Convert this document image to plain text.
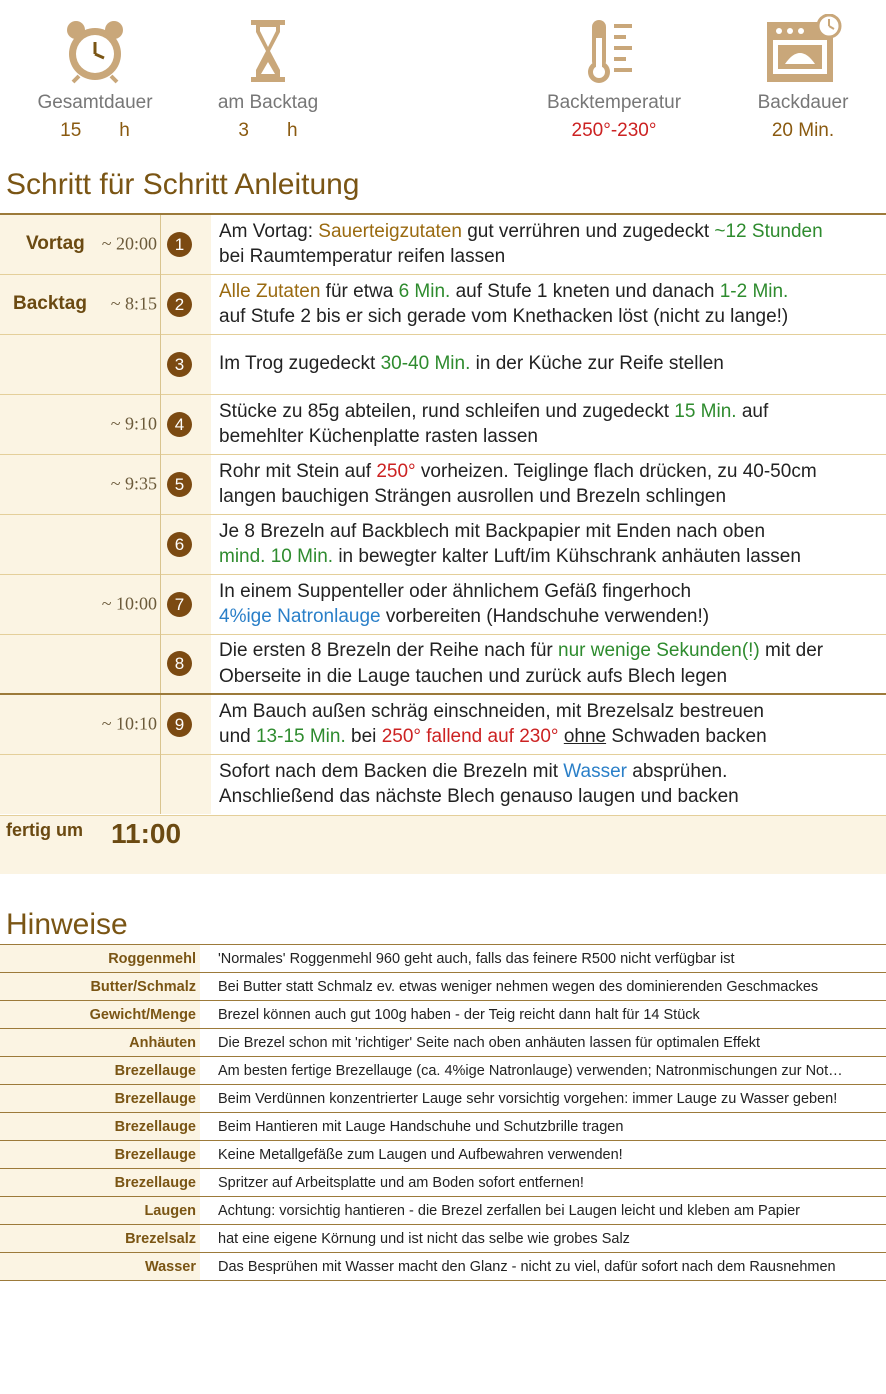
Gesamtdauer
15 h
am Backtag
3 h
Backtemperatur
250°-230°
Backdauer
20 Min.
Schritt für Schritt Anleitung
Vortag ~ 20:00	1	Am Vortag: Sauerteigzutaten gut verrühren und zugedeckt ~12 Stunden
bei Raumtemperatur reifen lassen

Backtag ~ 8:15	2	Alle Zutaten für etwa 6 Min. auf Stufe 1 kneten und danach 1-2 Min.
auf Stufe 2 bis er sich gerade vom Knethacken löst (nicht zu lange!)

	3	Im Trog zugedeckt 30-40 Min. in der Küche zur Reife stellen

~ 9:10	4	Stücke zu 85g abteilen, rund schleifen und zugedeckt 15 Min. auf
bemehlter Küchenplatte rasten lassen

~ 9:35	5	Rohr mit Stein auf 250° vorheizen. Teiglinge flach drücken, zu 40-50cm
langen bauchigen Strängen ausrollen und Brezeln schlingen

	6	Je 8 Brezeln auf Backblech mit Backpapier mit Enden nach oben
mind. 10 Min. in bewegter kalter Luft/im Kühschrank anhäuten lassen

~ 10:00	7	In einem Suppenteller oder ähnlichem Gefäß fingerhoch
4%ige Natronlauge vorbereiten (Handschuhe verwenden!)

	8	Die ersten 8 Brezeln der Reihe nach für nur wenige Sekunden(!) mit der
Oberseite in die Lauge tauchen und zurück aufs Blech legen

~ 10:10	9	Am Bauch außen schräg einschneiden, mit Brezelsalz bestreuen
und 13-15 Min. bei 250° fallend auf 230° ohne Schwaden backen
		Sofort nach dem Backen die Brezeln mit Wasser absprühen.
Anschließend das nächste Blech genauso laugen und backen
fertig um 11:00
Hinweise
Roggenmehl	'Normales' Roggenmehl 960 geht auch, falls das feinere R500 nicht verfügbar ist
Butter/Schmalz	Bei Butter statt Schmalz ev. etwas weniger nehmen wegen des dominierenden Geschmackes
Gewicht/Menge	Brezel können auch gut 100g haben - der Teig reicht dann halt für 14 Stück
Anhäuten	Die Brezel schon mit 'richtiger' Seite nach oben anhäuten lassen für optimalen Effekt
Brezellauge	Am besten fertige Brezellauge (ca. 4%ige Natronlauge) verwenden; Natronmischungen zur Not…
Brezellauge	Beim Verdünnen konzentrierter Lauge sehr vorsichtig vorgehen: immer Lauge zu Wasser geben!
Brezellauge	Beim Hantieren mit Lauge Handschuhe und Schutzbrille tragen
Brezellauge	Keine Metallgefäße zum Laugen und Aufbewahren verwenden!
Brezellauge	Spritzer auf Arbeitsplatte und am Boden sofort entfernen!
Laugen	Achtung: vorsichtig hantieren - die Brezel zerfallen bei Laugen leicht und kleben am Papier
Brezelsalz	hat eine eigene Körnung und ist nicht das selbe wie grobes Salz
Wasser	Das Besprühen mit Wasser macht den Glanz - nicht zu viel, dafür sofort nach dem Rausnehmen
